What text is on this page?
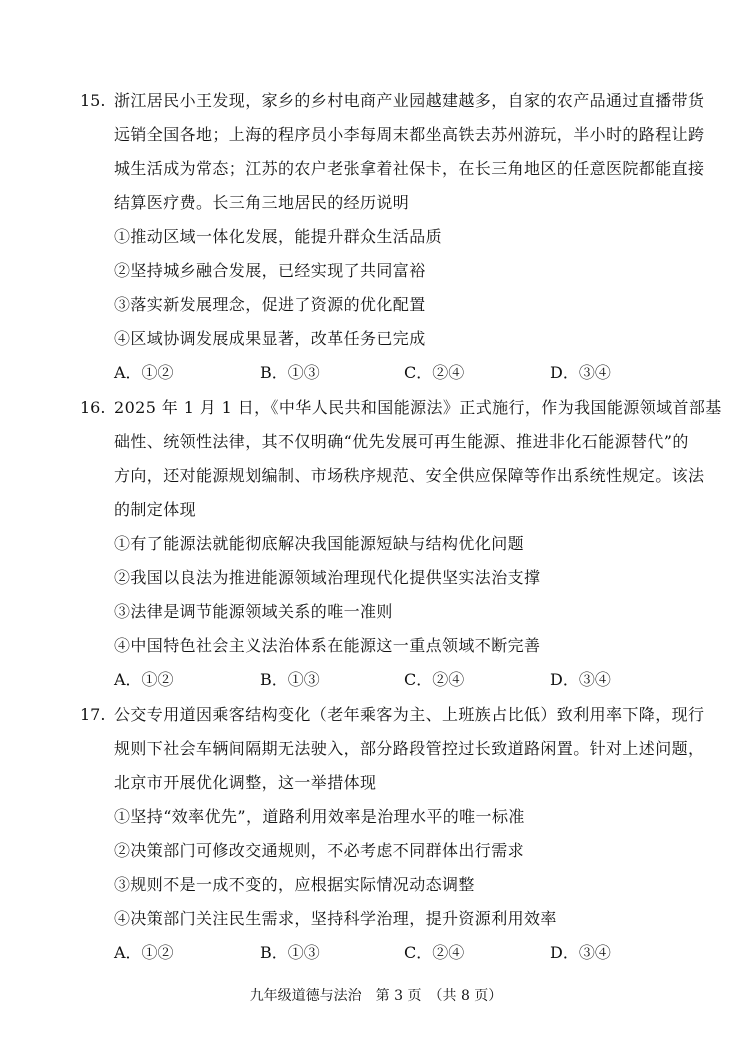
15. 浙江居民小王发现，家乡的乡村电商产业园越建越多，自家的农产品通过直播带货
远销全国各地；上海的程序员小李每周末都坐高铁去苏州游玩，半小时的路程让跨
城生活成为常态；江苏的农户老张拿着社保卡，在长三角地区的任意医院都能直接
结算医疗费。长三角三地居民的经历说明
①推动区域一体化发展，能提升群众生活品质
②坚持城乡融合发展，已经实现了共同富裕
③落实新发展理念，促进了资源的优化配置
④区域协调发展成果显著，改革任务已完成
A．①②	B．①③	C．②④	D．③④
16. 2025 年 1 月 1 日，《中华人民共和国能源法》正式施行，作为我国能源领域首部基
础性、统领性法律，其不仅明确“优先发展可再生能源、推进非化石能源替代”的
方向，还对能源规划编制、市场秩序规范、安全供应保障等作出系统性规定。该法
的制定体现
①有了能源法就能彻底解决我国能源短缺与结构优化问题
②我国以良法为推进能源领域治理现代化提供坚实法治支撑
③法律是调节能源领域关系的唯一准则
④中国特色社会主义法治体系在能源这一重点领域不断完善
A．①②	B．①③	C．②④	D．③④
17. 公交专用道因乘客结构变化（老年乘客为主、上班族占比低）致利用率下降，现行
规则下社会车辆间隔期无法驶入，部分路段管控过长致道路闲置。针对上述问题，
北京市开展优化调整，这一举措体现
①坚持“效率优先”，道路利用效率是治理水平的唯一标准
②决策部门可修改交通规则，不必考虑不同群体出行需求
③规则不是一成不变的，应根据实际情况动态调整
④决策部门关注民生需求，坚持科学治理，提升资源利用效率
A．①②	B．①③	C．②④	D．③④
九年级道德与法治　第 3 页　（共 8 页）
